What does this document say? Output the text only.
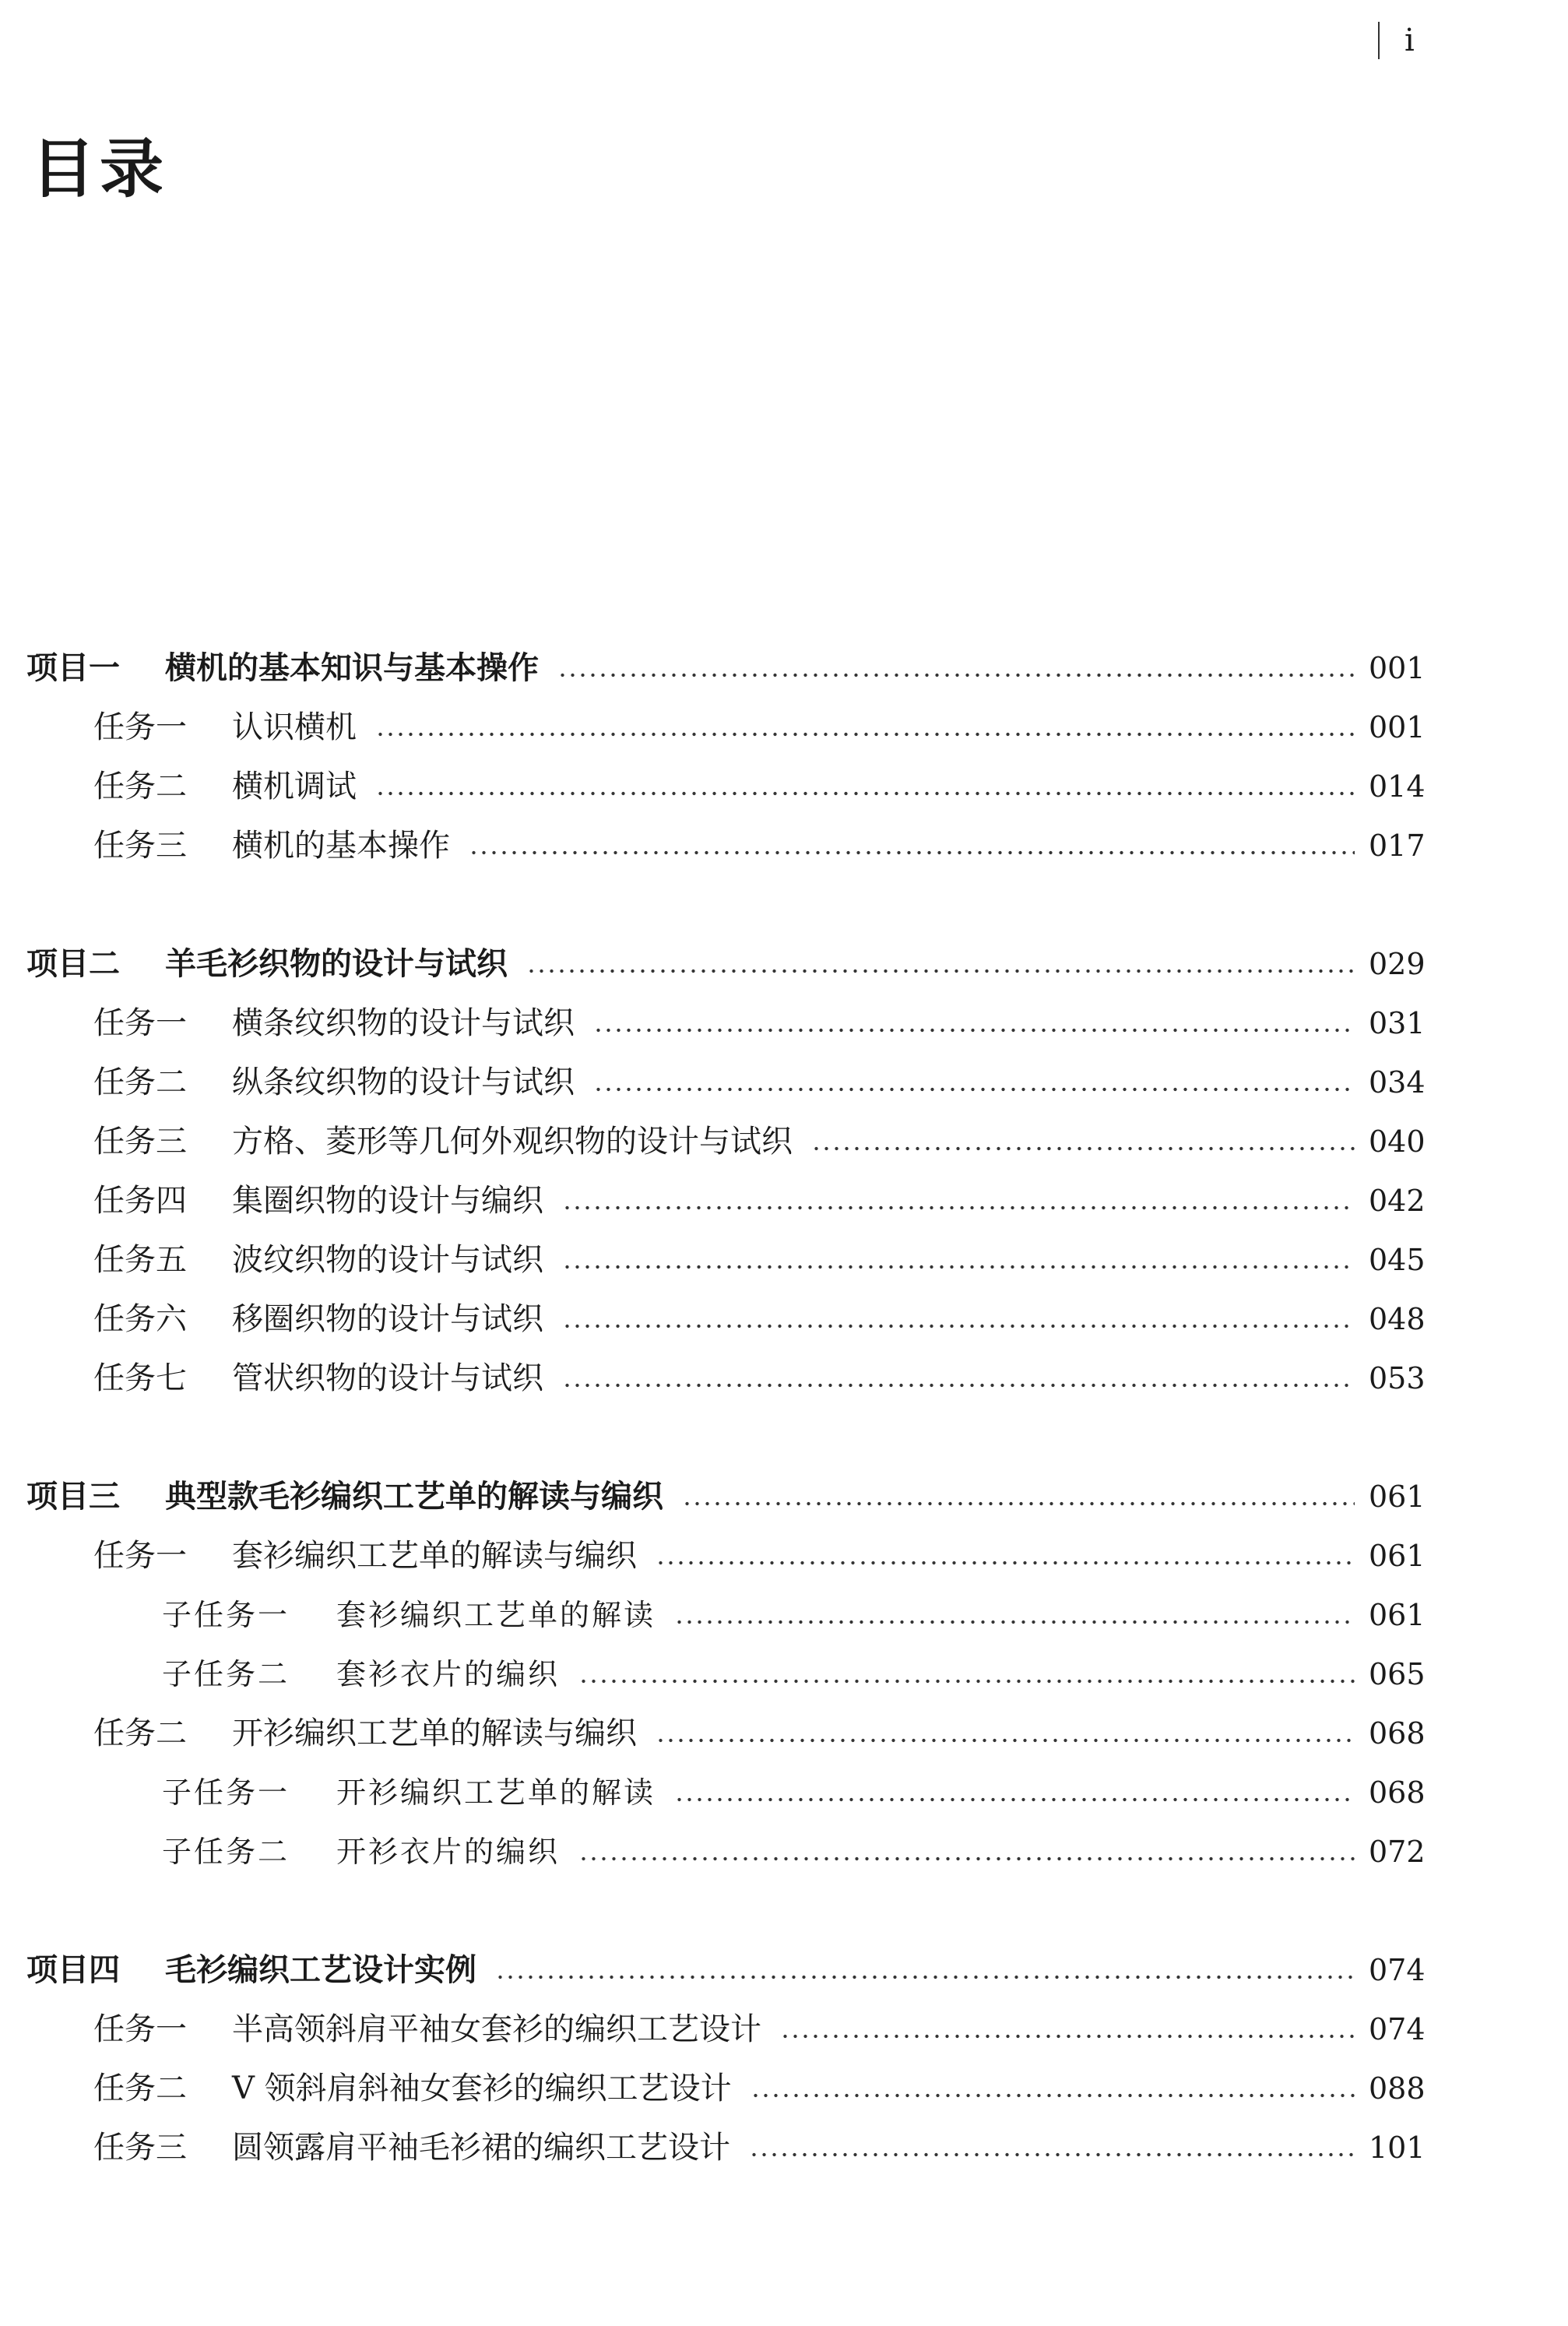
i
目录
项目一	横机的基本知识与基本操作	001
任务一	认识横机	001
任务二	横机调试	014
任务三	横机的基本操作	017
项目二	羊毛衫织物的设计与试织	029
任务一	横条纹织物的设计与试织	031
任务二	纵条纹织物的设计与试织	034
任务三	方格、菱形等几何外观织物的设计与试织	040
任务四	集圈织物的设计与编织	042
任务五	波纹织物的设计与试织	045
任务六	移圈织物的设计与试织	048
任务七	管状织物的设计与试织	053
项目三	典型款毛衫编织工艺单的解读与编织	061
任务一	套衫编织工艺单的解读与编织	061
子任务一	套衫编织工艺单的解读	061
子任务二	套衫衣片的编织	065
任务二	开衫编织工艺单的解读与编织	068
子任务一	开衫编织工艺单的解读	068
子任务二	开衫衣片的编织	072
项目四	毛衫编织工艺设计实例	074
任务一	半高领斜肩平袖女套衫的编织工艺设计	074
任务二	V 领斜肩斜袖女套衫的编织工艺设计	088
任务三	圆领露肩平袖毛衫裙的编织工艺设计	101
